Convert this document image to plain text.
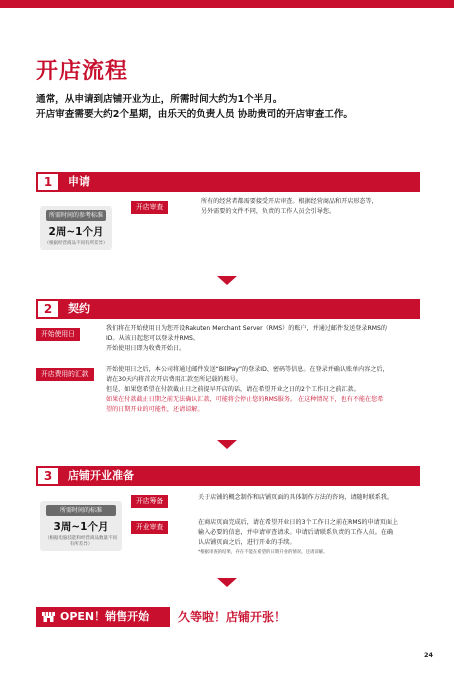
开店流程
通常，从申请到店铺开业为止，所需时间大约为1个半月。
开店审查需要大约2个星期，由乐天的负责人员 协助贵司的开店审查工作。
1	申请
所需时间的参考标准
2周~1个月
（根据经营商品不同有所差异）
开店审查
所有的经营者都需要接受开店审查。根据经营商品和开店形态等，
另外需要的文件不同，负责的工作人员会引导您。
2	契约
开始使用日
我们将在开始使用日为您开设Rakuten Merchant Server（RMS）的账户，并通过邮件发送登录RMS的
ID。从该日起您可以登录并RMS。
开始使用日即为收费开始日。
开店费用的汇款
开始使用日之后，本公司将通过邮件发送“BillPay”的登录ID、密码等信息。在登录并确认账单内容之后，
请在30天内将首次开店费用汇款至所记载的账号。
但是，如果您希望在付款截止日之前提早开店的话，请在希望开业之日的2个工作日之前汇款。
如果在付款截止日期之前无法确认汇款，可能将会停止您的RMS服务。 在这种情况下，也有不能在您希
望的日期开业的可能性，还请谅解。
3	店铺开业准备
所需时间的标准
3周~1个月
（根据电脑技能和经营商品数量不同有所差异）
开店筹备	关于店铺的概念制作和店铺页面的具体制作方法的咨询，请随时联系我。
开业审查
在商店页面完成后，请在希望开业日的3个工作日之前在RMS的申请页面上
输入必要的信息，并申请审查请求。申请后请联系负责的工作人员。在确
认店铺页面之后，进行开业的手续。
*根据审查的结果，存在不能在希望的日期开业的情况。还请谅解。
OPEN！销售开始	久等啦！店铺开张！
24
